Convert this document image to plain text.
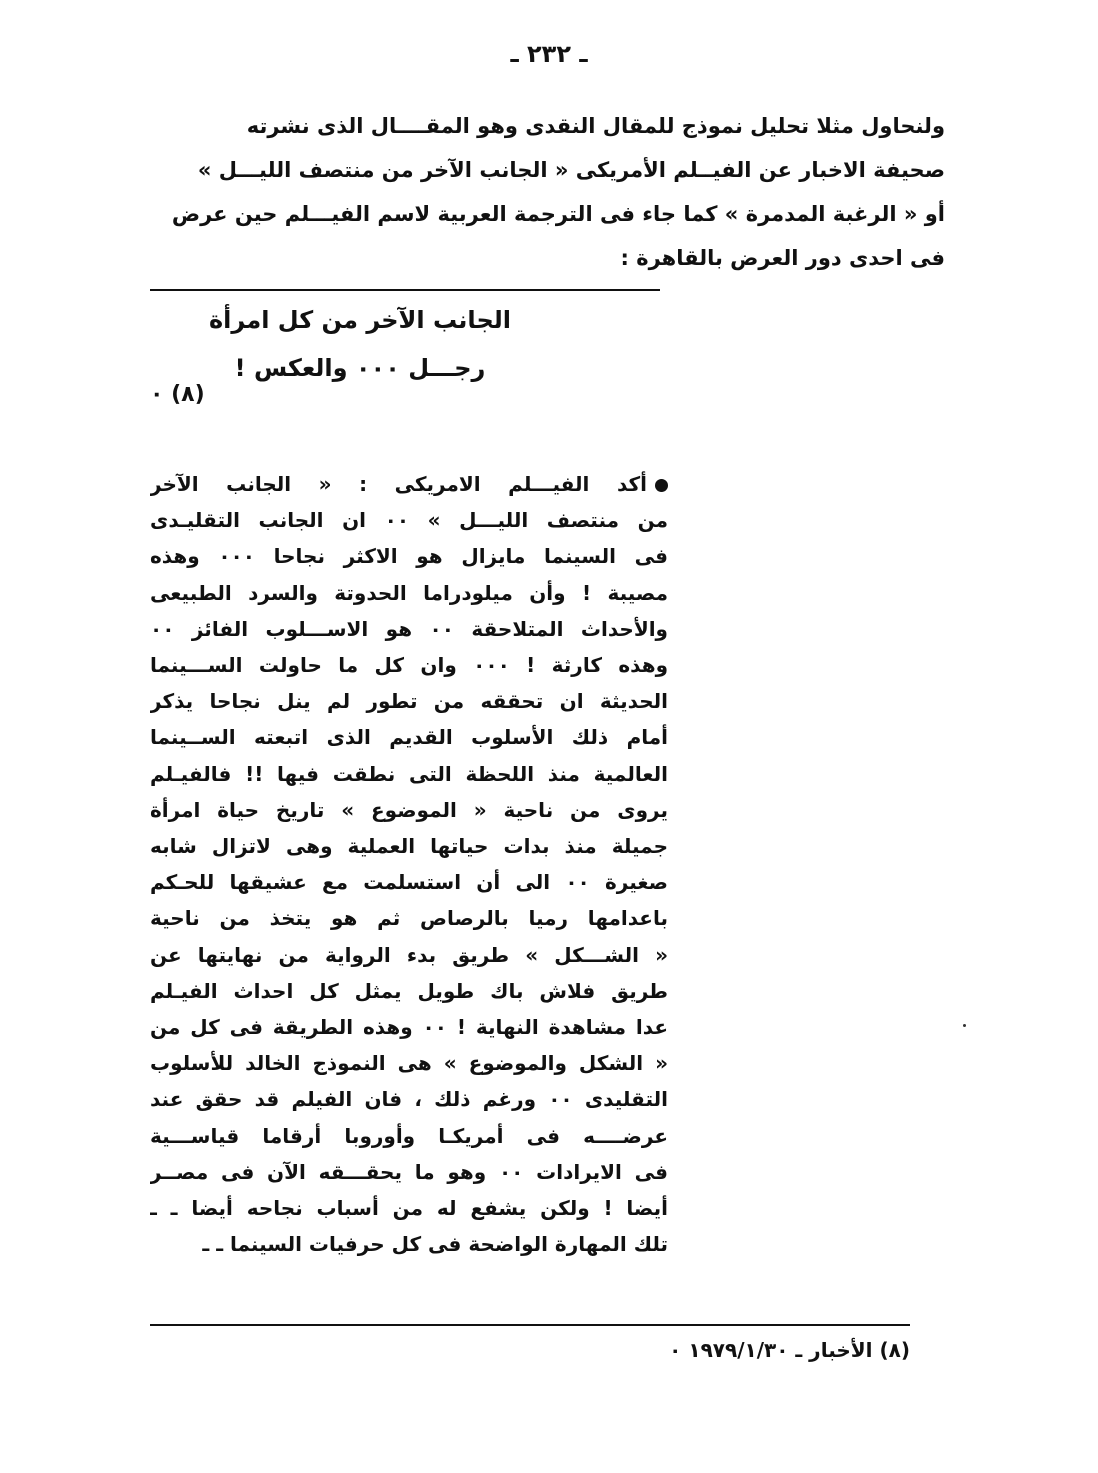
ـ ٢٣٢ ـ
ولنحاول مثلا تحليل نموذج للمقال النقدى وهو المقــــال الذى نشرته
صحيفة الاخبار عن الفيــلم الأمريكى « الجانب الآخر من منتصف الليـــل »
أو « الرغبة المدمرة » كما جاء فى الترجمة العربية لاسم الفيـــلم حين عرض
فى احدى دور العرض بالقاهرة :
الجانب الآخر من كل امرأة
رجـــل ٠٠٠ والعكس !
(٨) ٠
أكد الفيـــلم الامريكى : « الجانب الآخر
من منتصف الليـــل » ٠٠ ان الجانب التقليـدى
فى السينما مايزال هو الاكثر نجاحا ٠٠٠ وهذه
مصيبة ! وأن ميلودراما الحدوتة والسرد الطبيعى
والأحداث المتلاحقة ٠٠ هو الاســـلوب الفائز ٠٠
وهذه كارثة ! ٠٠٠ وان كل ما حاولت الســـينما
الحديثة ان تحققه من تطور لم ينل نجاحا يذكر
أمام ذلك الأسلوب القديم الذى اتبعته الســينما
العالمية منذ اللحظة التى نطقت فيها !! فالفيـلم
يروى من ناحية « الموضوع » تاريخ حياة امرأة
جميلة منذ بدات حياتها العملية وهى لاتزال شابه
صغيرة ٠٠ الى أن استسلمت مع عشيقها للحـكم
باعدامها رميا بالرصاص ثم هو يتخذ من ناحية
« الشـــكل » طريق بدء الرواية من نهايتها عن
طريق فلاش باك طويل يمثل كل احداث الفيـلم
عدا مشاهدة النهاية ! ٠٠ وهذه الطريقة فى كل من
« الشكل والموضوع » هى النموذج الخالد للأسلوب
التقليدى ٠٠ ورغم ذلك ، فان الفيلم قد حقق عند
عرضــــه فى أمريكـا وأوروبا أرقاما قياســـية
فى الايرادات ٠٠ وهو ما يحقـــقه الآن فى مصــر
أيضا ! ولكن يشفع له من أسباب نجاحه أيضا ـ ـ
تلك المهارة الواضحة فى كل حرفيات السينما ـ ـ
(٨) الأخبار ـ ١٩٧٩/١/٣٠ ٠
